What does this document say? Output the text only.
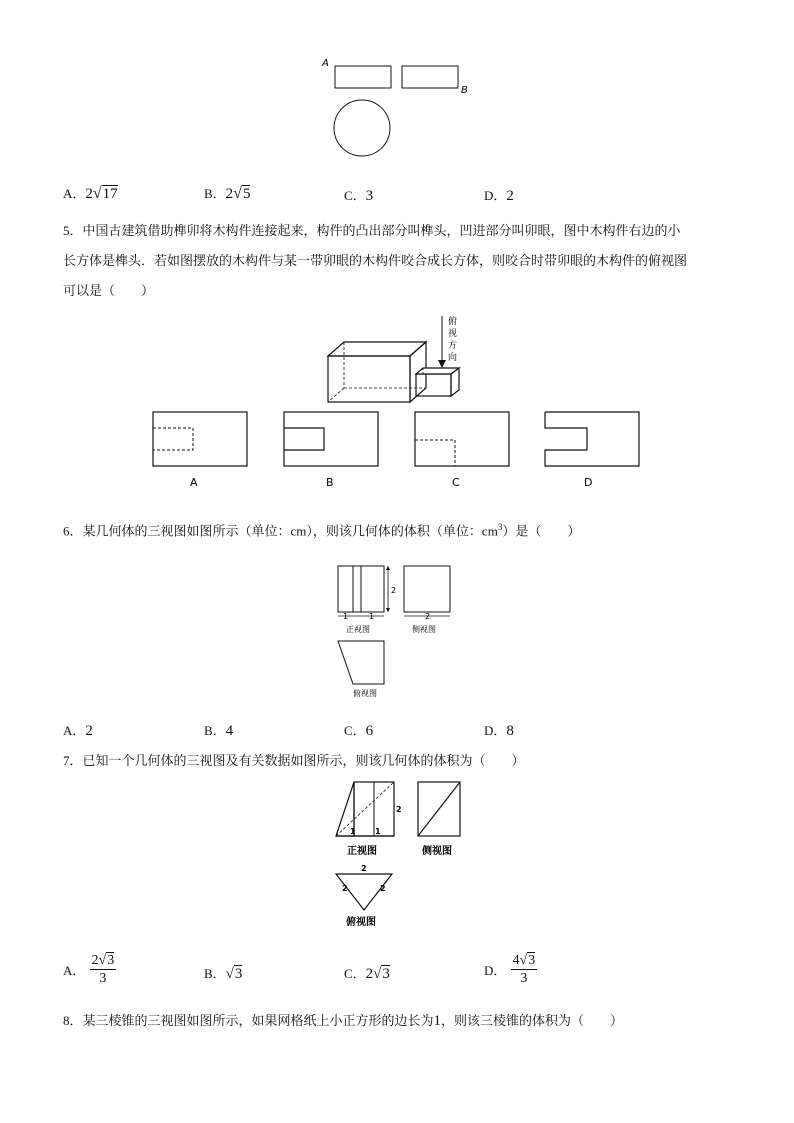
A
B
A．2√17	B．2√5	C．3	D．2
5．中国古建筑借助榫卯将木构件连接起来，构件的凸出部分叫榫头，凹进部分叫卯眼，图中木构件右边的小
长方体是榫头．若如图摆放的木构件与某一带卯眼的木构件咬合成长方体，则咬合时带卯眼的木构件的俯视图
可以是（　　）
俯
视
方
向
A	B	C	D
6．某几何体的三视图如图所示（单位：cm），则该几何体的体积（单位：$cm^3$）是（　　）
2
1	1
正视图
2
侧视图
俯视图
A．2	B．4	C．6	D．8
7．已知一个几何体的三视图及有关数据如图所示，则该几何体的体积为（　　）
2
1 1
正视图	侧视图
2
2	2
俯视图
A． $\frac{2√3}{3}$	B．√3	C．2√3	D． $\frac{4√3}{3}$
8．某三棱锥的三视图如图所示，如果网格纸上小正方形的边长为1，则该三棱锥的体积为（　　）
